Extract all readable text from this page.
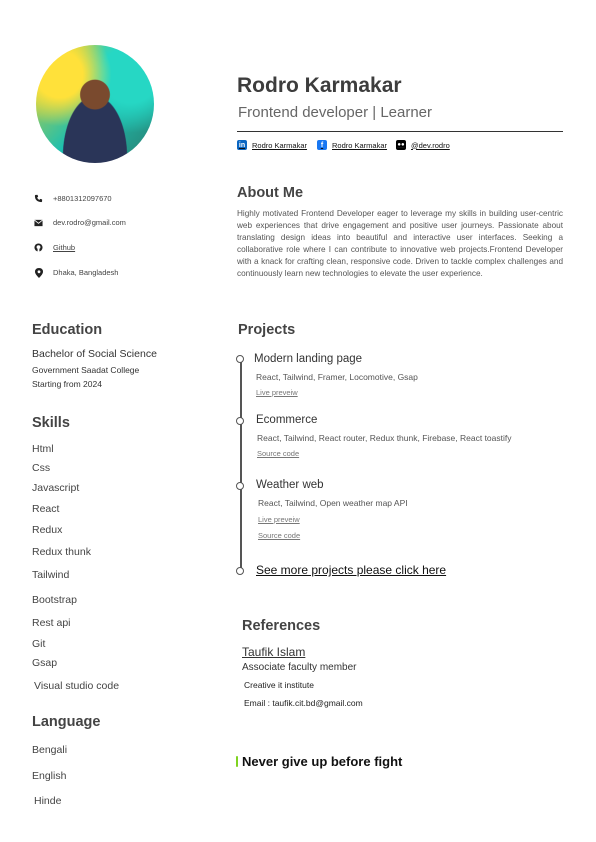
Rodro Karmakar
Frontend developer | Learner
in Rodro Karmakar	f	Rodro Karmakar ●● @dev.rodro
+8801312097670
dev.rodro@gmail.com
Github
Dhaka, Bangladesh
About Me
Highly motivated Frontend Developer eager to leverage my skills in building user-centric web experiences that drive engagement and positive user journeys. Passionate about translating design ideas into beautiful and interactive user interfaces. Seeking a collaborative role where I can contribute to innovative web projects.Frontend Developer with a knack for crafting clean, responsive code. Driven to tackle complex challenges and continuously learn new technologies to elevate the user experience.
Education
Bachelor of Social Science
Government Saadat College
Starting from 2024
Skills
Html
Css
Javascript
React
Redux
Redux thunk
Tailwind
Bootstrap
Rest api
Git
Gsap
Visual studio code
Language
Bengali
English
Hinde
Projects
Modern landing page
React, Tailwind, Framer, Locomotive, Gsap
Live preveiw
Ecommerce
React, Tailwind, React router, Redux thunk, Firebase, React toastify
Source code
Weather web
React, Tailwind, Open weather map API
Live preveiw
Source code
See more projects please click here
References
Taufik Islam
Associate faculty member
Creative it institute
Email : taufik.cit.bd@gmail.com
Never give up before fight
